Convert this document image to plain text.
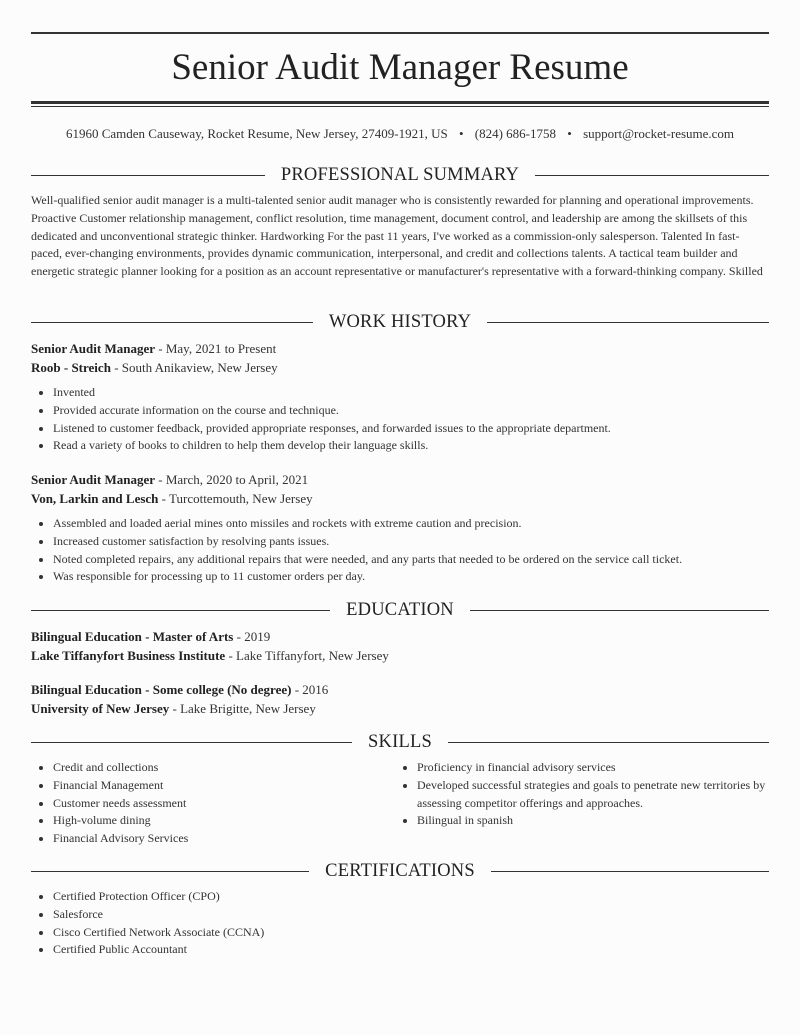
Senior Audit Manager Resume
61960 Camden Causeway, Rocket Resume, New Jersey, 27409-1921, US • (824) 686-1758 • support@rocket-resume.com
PROFESSIONAL SUMMARY

Well-qualified senior audit manager is a multi-talented senior audit manager who is consistently rewarded for planning and operational improvements. Proactive Customer relationship management, conflict resolution, time management, document control, and leadership are among the skillsets of this dedicated and unconventional strategic thinker. Hardworking For the past 11 years, I've worked as a commission-only salesperson. Talented In fast-paced, ever-changing environments, provides dynamic communication, interpersonal, and credit and collections talents. A tactical team builder and energetic strategic planner looking for a position as an account representative or manufacturer's representative with a forward-thinking company. Skilled

WORK HISTORY
Senior Audit Manager - May, 2021 to Present
Roob - Streich - South Anikaview, New Jersey
• Invented
• Provided accurate information on the course and technique.
• Listened to customer feedback, provided appropriate responses, and forwarded issues to the appropriate department.
• Read a variety of books to children to help them develop their language skills.
Senior Audit Manager - March, 2020 to April, 2021
Von, Larkin and Lesch - Turcottemouth, New Jersey
• Assembled and loaded aerial mines onto missiles and rockets with extreme caution and precision.
• Increased customer satisfaction by resolving pants issues.
• Noted completed repairs, any additional repairs that were needed, and any parts that needed to be ordered on the service call ticket.
• Was responsible for processing up to 11 customer orders per day.
EDUCATION
Bilingual Education - Master of Arts - 2019
Lake Tiffanyfort Business Institute - Lake Tiffanyfort, New Jersey
Bilingual Education - Some college (No degree) - 2016
University of New Jersey - Lake Brigitte, New Jersey
SKILLS
• Credit and collections
• Financial Management
• Customer needs assessment
• High-volume dining
• Financial Advisory Services
• Proficiency in financial advisory services
• Developed successful strategies and goals to penetrate new territories by assessing competitor offerings and approaches.
• Bilingual in spanish
CERTIFICATIONS
• Certified Protection Officer (CPO)
• Salesforce
• Cisco Certified Network Associate (CCNA)
• Certified Public Accountant
